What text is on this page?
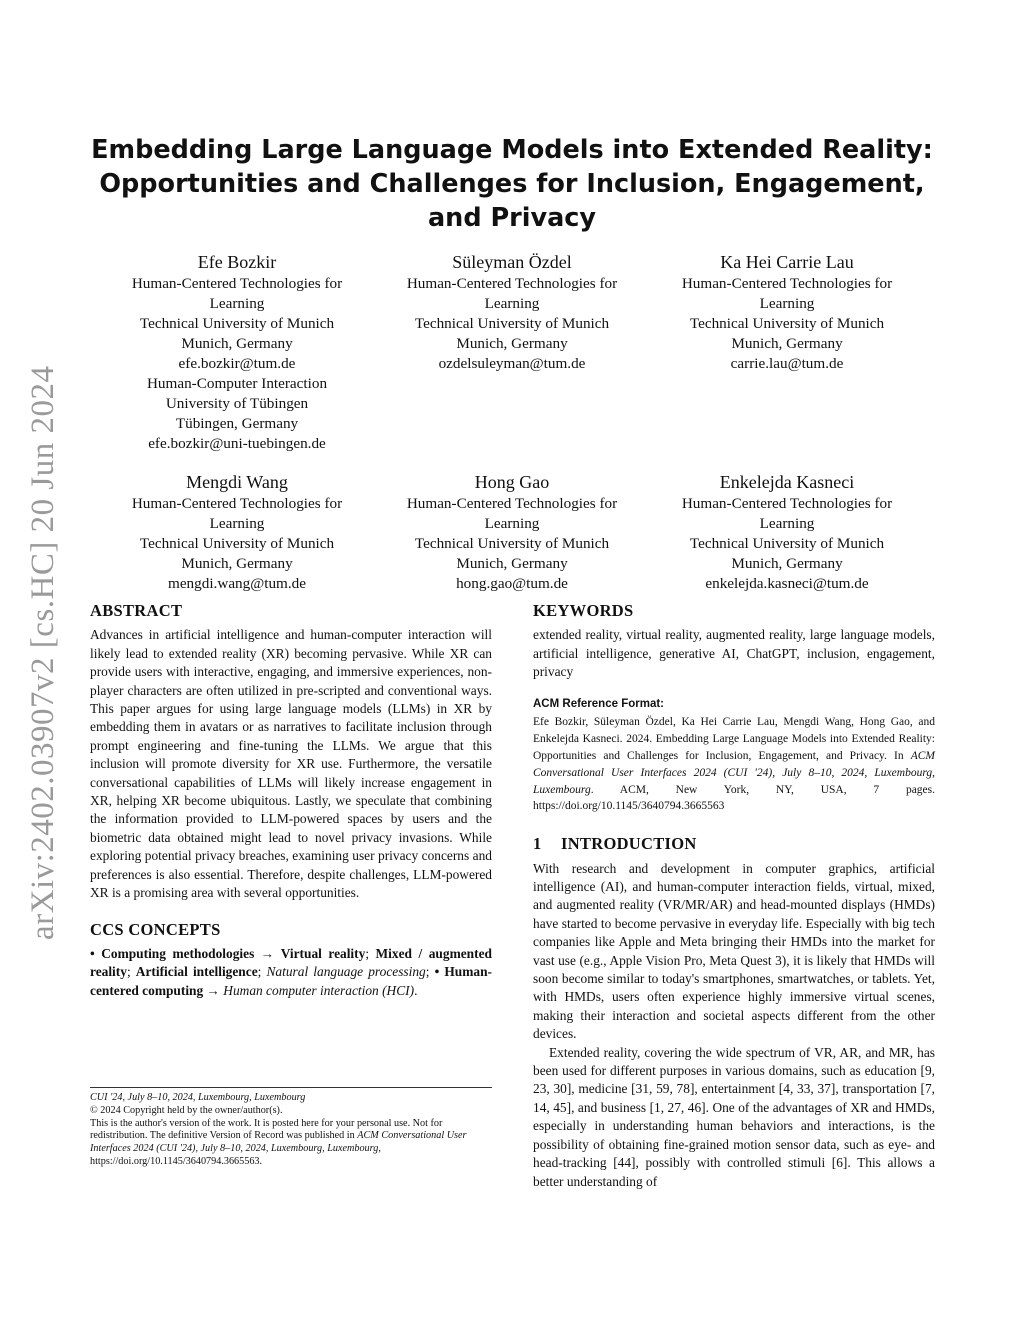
arXiv:2402.03907v2 [cs.HC] 20 Jun 2024
Embedding Large Language Models into Extended Reality: Opportunities and Challenges for Inclusion, Engagement, and Privacy
Efe Bozkir
Human-Centered Technologies for
Learning
Technical University of Munich
Munich, Germany
efe.bozkir@tum.de
Human-Computer Interaction
University of Tübingen
Tübingen, Germany
efe.bozkir@uni-tuebingen.de
Süleyman Özdel
Human-Centered Technologies for
Learning
Technical University of Munich
Munich, Germany
ozdelsuleyman@tum.de
Ka Hei Carrie Lau
Human-Centered Technologies for
Learning
Technical University of Munich
Munich, Germany
carrie.lau@tum.de
Mengdi Wang
Human-Centered Technologies for
Learning
Technical University of Munich
Munich, Germany
mengdi.wang@tum.de
Hong Gao
Human-Centered Technologies for
Learning
Technical University of Munich
Munich, Germany
hong.gao@tum.de
Enkelejda Kasneci
Human-Centered Technologies for
Learning
Technical University of Munich
Munich, Germany
enkelejda.kasneci@tum.de
ABSTRACT

Advances in artificial intelligence and human-computer interaction will likely lead to extended reality (XR) becoming pervasive. While XR can provide users with interactive, engaging, and immersive experiences, non-player characters are often utilized in pre-scripted and conventional ways. This paper argues for using large language models (LLMs) in XR by embedding them in avatars or as narratives to facilitate inclusion through prompt engineering and fine-tuning the LLMs. We argue that this inclusion will promote diversity for XR use. Furthermore, the versatile conversational capabilities of LLMs will likely increase engagement in XR, helping XR become ubiquitous. Lastly, we speculate that combining the information provided to LLM-powered spaces by users and the biometric data obtained might lead to novel privacy invasions. While exploring potential privacy breaches, examining user privacy concerns and preferences is also essential. Therefore, despite challenges, LLM-powered XR is a promising area with several opportunities.

CCS CONCEPTS

• Computing methodologies → Virtual reality; Mixed / augmented reality; Artificial intelligence; Natural language processing; • Human-centered computing → Human computer interaction (HCI).

KEYWORDS

extended reality, virtual reality, augmented reality, large language models, artificial intelligence, generative AI, ChatGPT, inclusion, engagement, privacy

ACM Reference Format:

Efe Bozkir, Süleyman Özdel, Ka Hei Carrie Lau, Mengdi Wang, Hong Gao, and Enkelejda Kasneci. 2024. Embedding Large Language Models into Extended Reality: Opportunities and Challenges for Inclusion, Engagement, and Privacy. In ACM Conversational User Interfaces 2024 (CUI '24), July 8–10, 2024, Luxembourg, Luxembourg. ACM, New York, NY, USA, 7 pages. https://doi.org/10.1145/3640794.3665563

1 INTRODUCTION

With research and development in computer graphics, artificial intelligence (AI), and human-computer interaction fields, virtual, mixed, and augmented reality (VR/MR/AR) and head-mounted displays (HMDs) have started to become pervasive in everyday life. Especially with big tech companies like Apple and Meta bringing their HMDs into the market for vast use (e.g., Apple Vision Pro, Meta Quest 3), it is likely that HMDs will soon become similar to today's smartphones, smartwatches, or tablets. Yet, with HMDs, users often experience highly immersive virtual scenes, making their interaction and societal aspects different from the other devices.

Extended reality, covering the wide spectrum of VR, AR, and MR, has been used for different purposes in various domains, such as education [9, 23, 30], medicine [31, 59, 78], entertainment [4, 33, 37], transportation [7, 14, 45], and business [1, 27, 46]. One of the advantages of XR and HMDs, especially in understanding human behaviors and interactions, is the possibility of obtaining fine-grained motion sensor data, such as eye- and head-tracking [44], possibly with controlled stimuli [6]. This allows a better understanding of

CUI '24, July 8–10, 2024, Luxembourg, Luxembourg
© 2024 Copyright held by the owner/author(s).
This is the author's version of the work. It is posted here for your personal use. Not for redistribution. The definitive Version of Record was published in ACM Conversational User Interfaces 2024 (CUI '24), July 8–10, 2024, Luxembourg, Luxembourg, https://doi.org/10.1145/3640794.3665563.
